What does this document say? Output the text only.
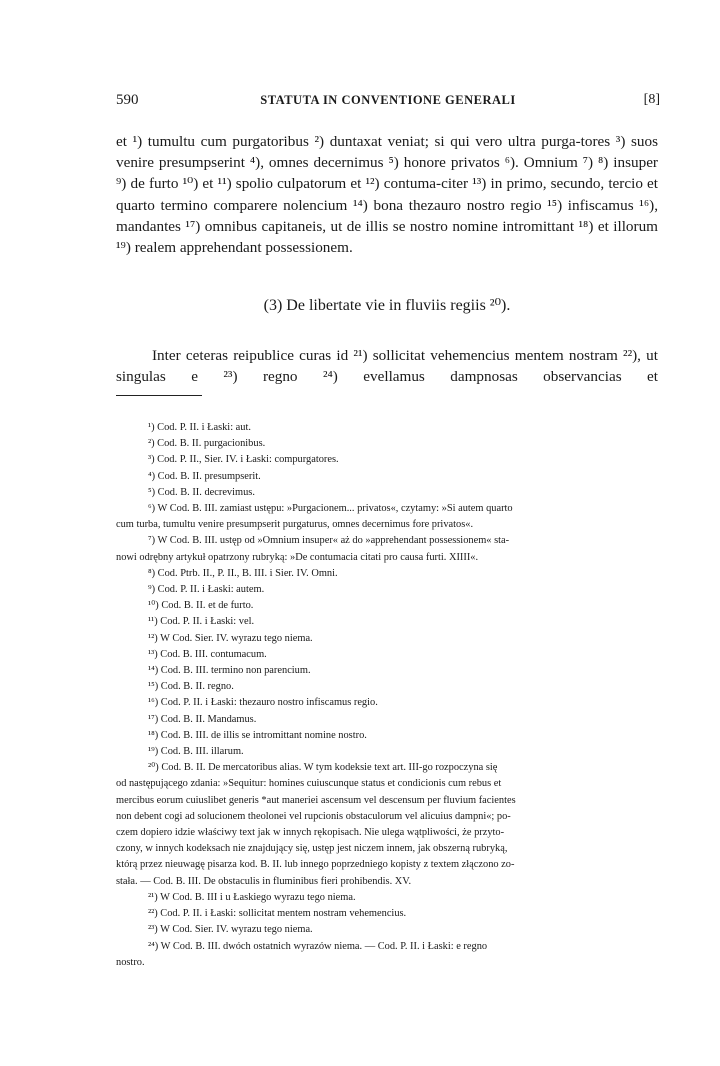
590	STATUTA IN CONVENTIONE GENERALI	[8]

et ¹) tumultu cum purgatoribus ²) duntaxat veniat; si qui vero ultra purga-tores ³) suos venire presumpserint ⁴), omnes decernimus ⁵) honore privatos ⁶). Omnium ⁷) ⁸) insuper ⁹) de furto ¹⁰) et ¹¹) spolio culpatorum et ¹²) contuma-citer ¹³) in primo, secundo, tercio et quarto termino comparere nolencium ¹⁴) bona thezauro nostro regio ¹⁵) infiscamus ¹⁶), mandantes ¹⁷) omnibus capitaneis, ut de illis se nostro nomine intromittant ¹⁸) et illorum ¹⁹) realem apprehendant possessionem.

(3) De libertate vie in fluviis regiis ²⁰).

Inter ceteras reipublice curas id ²¹) sollicitat vehemencius mentem nostram ²²), ut singulas e ²³) regno ²⁴) evellamus dampnosas observancias et

¹) Cod. P. II. i Łaski: aut.

²) Cod. B. II. purgacionibus.

³) Cod. P. II., Sier. IV. i Łaski: compurgatores.

⁴) Cod. B. II. presumpserit.

⁵) Cod. B. II. decrevimus.

⁶) W Cod. B. III. zamiast ustępu: »Purgacionem... privatos«, czytamy: »Si autem quarto

cum turba, tumultu venire presumpserit purgaturus, omnes decernimus fore privatos«.

⁷) W Cod. B. III. ustęp od »Omnium insuper« aż do »apprehendant possessionem« sta-

nowi odrębny artykuł opatrzony rubryką: »De contumacia citati pro causa furti. XIIII«.

⁸) Cod. Ptrb. II., P. II., B. III. i Sier. IV. Omni.

⁹) Cod. P. II. i Łaski: autem.

¹⁰) Cod. B. II. et de furto.

¹¹) Cod. P. II. i Łaski: vel.

¹²) W Cod. Sier. IV. wyrazu tego niema.

¹³) Cod. B. III. contumacum.

¹⁴) Cod. B. III. termino non parencium.

¹⁵) Cod. B. II. regno.

¹⁶) Cod. P. II. i Łaski: thezauro nostro infiscamus regio.

¹⁷) Cod. B. II. Mandamus.

¹⁸) Cod. B. III. de illis se intromittant nomine nostro.

¹⁹) Cod. B. III. illarum.

²⁰) Cod. B. II. De mercatoribus alias. W tym kodeksie text art. III-go rozpoczyna się

od następującego zdania: »Sequitur: homines cuiuscunque status et condicionis cum rebus et

mercibus eorum cuiuslibet generis *aut maneriei ascensum vel descensum per fluvium facientes

non debent cogi ad solucionem theolonei vel rupcionis obstaculorum vel alicuius dampni«; po-

czem dopiero idzie właściwy text jak w innych rękopisach. Nie ulega wątpliwości, że przyto-

czony, w innych kodeksach nie znajdujący się, ustęp jest niczem innem, jak obszerną rubryką,

którą przez nieuwagę pisarza kod. B. II. lub innego poprzedniego kopisty z textem złączono zo-

stała. — Cod. B. III. De obstaculis in fluminibus fieri prohibendis. XV.

²¹) W Cod. B. III i u Łaskiego wyrazu tego niema.

²²) Cod. P. II. i Łaski: sollicitat mentem nostram vehemencius.

²³) W Cod. Sier. IV. wyrazu tego niema.

²⁴) W Cod. B. III. dwóch ostatnich wyrazów niema. — Cod. P. II. i Łaski: e regno

nostro.
